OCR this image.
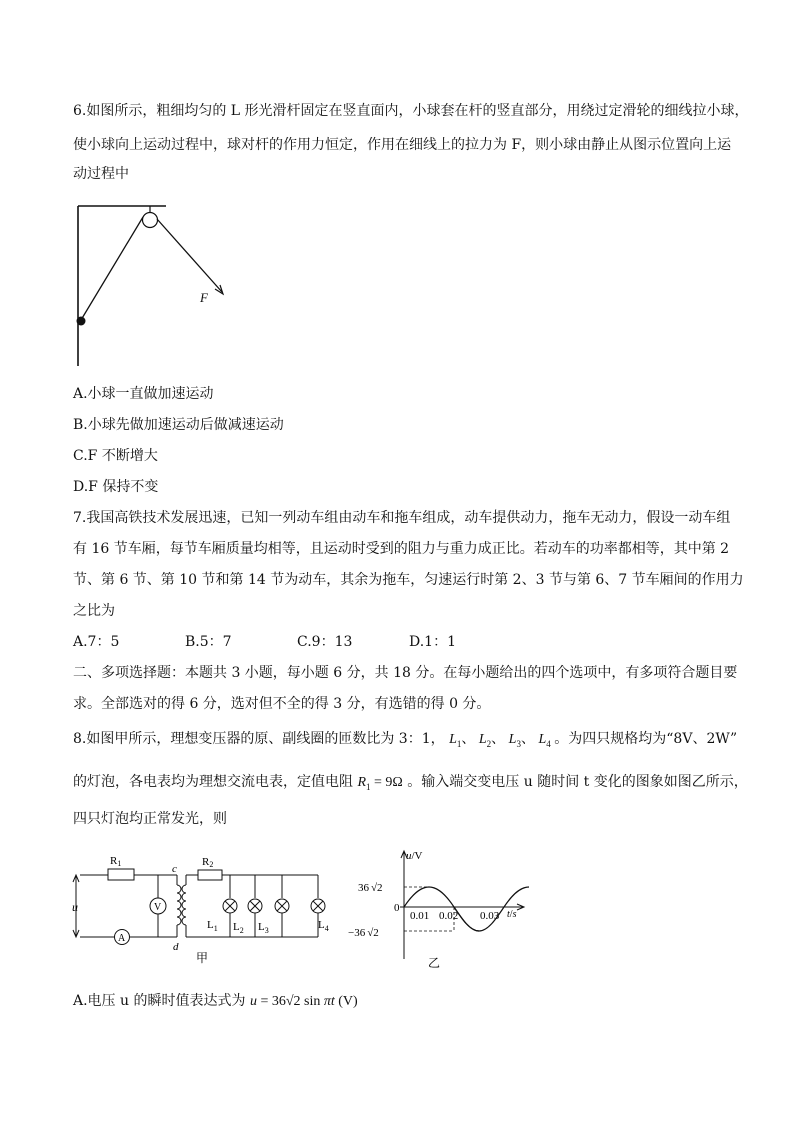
6.如图所示，粗细均匀的 L 形光滑杆固定在竖直面内，小球套在杆的竖直部分，用绕过定滑轮的细线拉小球，
使小球向上运动过程中，球对杆的作用力恒定，作用在细线上的拉力为 F，则小球由静止从图示位置向上运
动过程中
F
A.小球一直做加速运动
B.小球先做加速运动后做减速运动
C.F 不断增大
D.F 保持不变
7.我国高铁技术发展迅速，已知一列动车组由动车和拖车组成，动车提供动力，拖车无动力，假设一动车组
有 16 节车厢，每节车厢质量均相等，且运动时受到的阻力与重力成正比。若动车的功率都相等，其中第 2
节、第 6 节、第 10 节和第 14 节为动车，其余为拖车，匀速运行时第 2、3 节与第 6、7 节车厢间的作用力
之比为
A.7：5	B.5：7	C.9：13	D.1：1
二、多项选择题：本题共 3 小题，每小题 6 分，共 18 分。在每小题给出的四个选项中，有多项符合题目要
求。全部选对的得 6 分，选对但不全的得 3 分，有选错的得 0 分。
8.如图甲所示，理想变压器的原、副线圈的匝数比为 3：1， $L_1$、 $L_2$、 $L_3$、 $L_4$ 。为四只规格均为“8V、2W”
的灯泡，各电表均为理想交流电表，定值电阻 $R_1 = 9\Omega$ 。输入端交变电压 u 随时间 t 变化的图象如图乙所示，
四只灯泡均正常发光，则
u
R1
A
V
c
d
R2
$L_1$ $L_2$ $L_3$	$L_4$
甲
u/V
t/s
0
36 √2
−36 √2
0.01 0.02 0.03
乙
A.电压 u 的瞬时值表达式为 u = 36√2 sin πt (V)
